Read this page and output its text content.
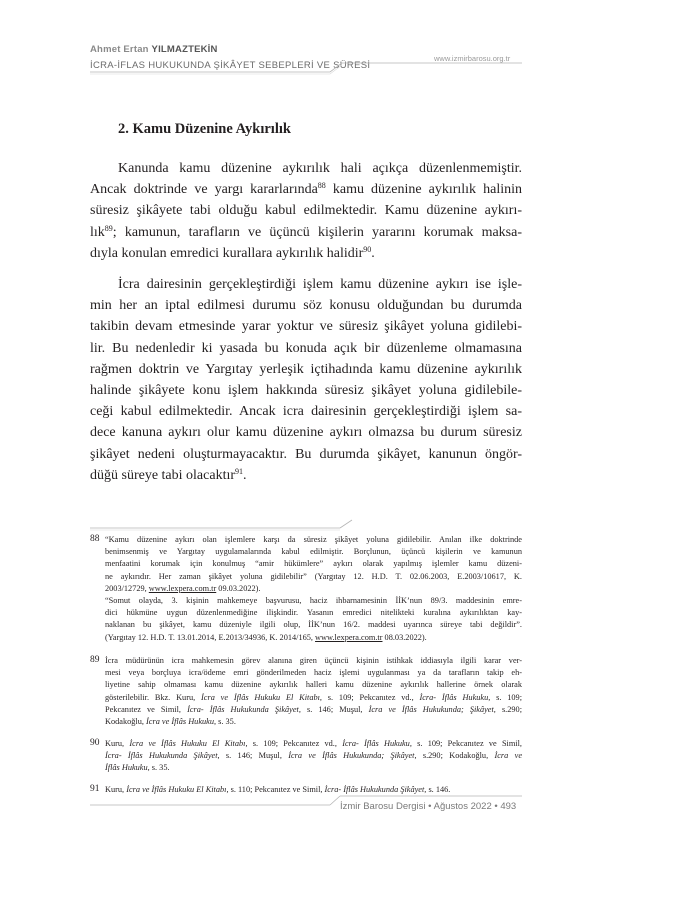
Ahmet Ertan YILMAZTEKİN
İCRA-İFLAS HUKUKUNDA ŞİKÂYET SEBEPLERİ VE SÜRESİ
www.izmirbarosu.org.tr
2. Kamu Düzenine Aykırılık
Kanunda kamu düzenine aykırılık hali açıkça düzenlenmemiştir.
Ancak doktrinde ve yargı kararlarında$^{88}$ kamu düzenine aykırılık halinin
süresiz şikâyete tabi olduğu kabul edilmektedir. Kamu düzenine aykırı-
lık$^{89}$; kamunun, tarafların ve üçüncü kişilerin yararını korumak maksa-
dıyla konulan emredici kurallara aykırılık halidir$^{90}$.
İcra dairesinin gerçekleştirdiği işlem kamu düzenine aykırı ise işle-
min her an iptal edilmesi durumu söz konusu olduğundan bu durumda
takibin devam etmesinde yarar yoktur ve süresiz şikâyet yoluna gidilebi-
lir. Bu nedenledir ki yasada bu konuda açık bir düzenleme olmamasına
rağmen doktrin ve Yargıtay yerleşik içtihadında kamu düzenine aykırılık
halinde şikâyete konu işlem hakkında süresiz şikâyet yoluna gidilebile-
ceği kabul edilmektedir. Ancak icra dairesinin gerçekleştirdiği işlem sa-
dece kanuna aykırı olur kamu düzenine aykırı olmazsa bu durum süresiz
şikâyet nedeni oluşturmayacaktır. Bu durumda şikâyet, kanunun öngör-
düğü süreye tabi olacaktır$^{91}$.
88 “Kamu düzenine aykırı olan işlemlere karşı da süresiz şikâyet yoluna gidilebilir. Anılan ilke doktrinde
benimsenmiş ve Yargıtay uygulamalarında kabul edilmiştir. Borçlunun, üçüncü kişilerin ve kamunun
menfaatini korumak için konulmuş “amir hükümlere” aykırı olarak yapılmış işlemler kamu düzeni-
ne aykırıdır. Her zaman şikâyet yoluna gidilebilir” (Yargıtay 12. H.D. T. 02.06.2003, E.2003/10617, K.
2003/12729, www.lexpera.com.tr 09.03.2022).
“Somut olayda, 3. kişinin mahkemeye başvurusu, haciz ihbarnamesinin İİK’nun 89/3. maddesinin emre-
dici hükmüne uygun düzenlenmediğine ilişkindir. Yasanın emredici nitelikteki kuralına aykırılıktan kay-
naklanan bu şikâyet, kamu düzeniyle ilgili olup, İİK’nun 16/2. maddesi uyarınca süreye tabi değildir”.
(Yargıtay 12. H.D. T. 13.01.2014, E.2013/34936, K. 2014/165, www.lexpera.com.tr 08.03.2022).
89 İcra müdürünün icra mahkemesin görev alanına giren üçüncü kişinin istihkak iddiasıyla ilgili karar ver-
mesi veya borçluya icra/ödeme emri gönderilmeden haciz işlemi uygulanması ya da tarafların takip eh-
liyetine sahip olmaması kamu düzenine aykırılık halleri kamu düzenine aykırılık hallerine örnek olarak
gösterilebilir. Bkz. Kuru, İcra ve İflâs Hukuku El Kitabı, s. 109; Pekcanıtez vd., İcra- İflâs Hukuku, s. 109;
Pekcanıtez ve Simil, İcra- İflâs Hukukunda Şikâyet, s. 146; Muşul, İcra ve İflâs Hukukunda; Şikâyet, s.290;
Kodakoğlu, İcra ve İflâs Hukuku, s. 35.
90 Kuru, İcra ve İflâs Hukuku El Kitabı, s. 109; Pekcanıtez vd., İcra- İflâs Hukuku, s. 109; Pekcanıtez ve Simil,
İcra- İflâs Hukukunda Şikâyet, s. 146; Muşul, İcra ve İflâs Hukukunda; Şikâyet, s.290; Kodakoğlu, İcra ve
İflâs Hukuku, s. 35.
91 Kuru, İcra ve İflâs Hukuku El Kitabı, s. 110; Pekcanıtez ve Simil, İcra- İflâs Hukukunda Şikâyet, s. 146.
İzmir Barosu Dergisi • Ağustos 2022 • 493
